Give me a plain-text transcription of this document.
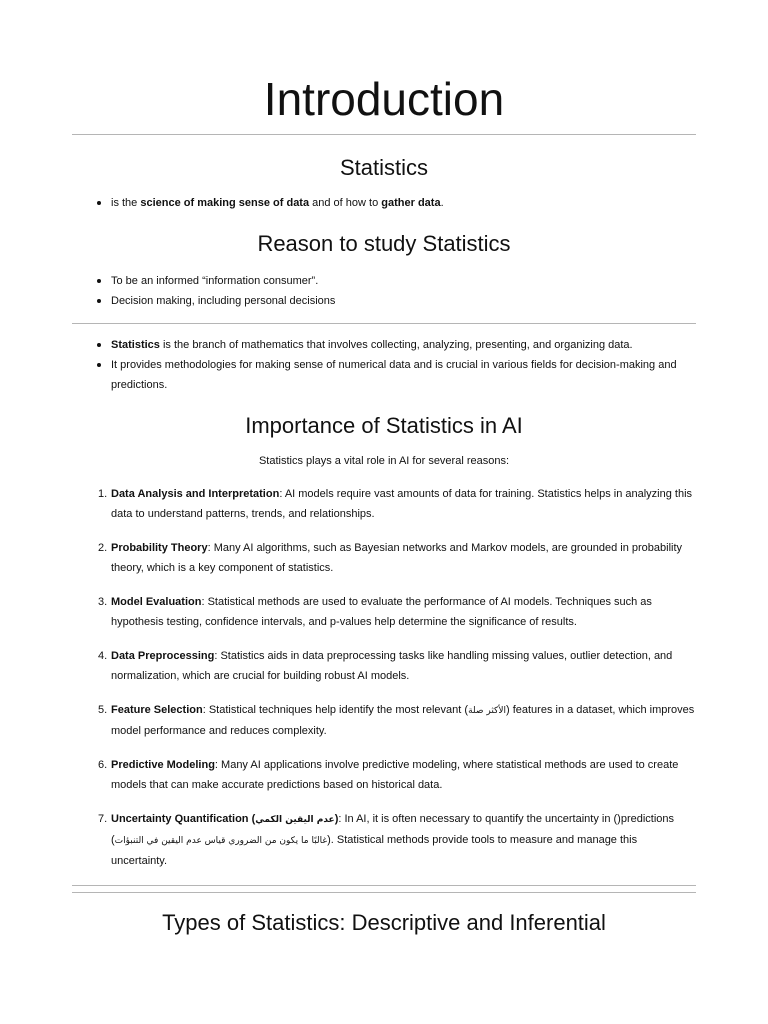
Introduction
Statistics
is the science of making sense of data and of how to gather data.
Reason to study Statistics
To be an informed “information consumer”.
Decision making, including personal decisions
Statistics is the branch of mathematics that involves collecting, analyzing, presenting, and organizing data.
It provides methodologies for making sense of numerical data and is crucial in various fields for decision-making and predictions.
Importance of Statistics in AI

Statistics plays a vital role in AI for several reasons:

1. Data Analysis and Interpretation: AI models require vast amounts of data for training. Statistics helps in analyzing this data to understand patterns, trends, and relationships.
2. Probability Theory: Many AI algorithms, such as Bayesian networks and Markov models, are grounded in probability theory, which is a key component of statistics.
3. Model Evaluation: Statistical methods are used to evaluate the performance of AI models. Techniques such as hypothesis testing, confidence intervals, and p-values help determine the significance of results.
4. Data Preprocessing: Statistics aids in data preprocessing tasks like handling missing values, outlier detection, and normalization, which are crucial for building robust AI models.
5. Feature Selection: Statistical techniques help identify the most relevant (الأكثر صلة) features in a dataset, which improves model performance and reduces complexity.
6. Predictive Modeling: Many AI applications involve predictive modeling, where statistical methods are used to create models that can make accurate predictions based on historical data.
7. Uncertainty Quantification (عدم اليقين الكمي): In AI, it is often necessary to quantify the uncertainty in ()predictions (غالبًا ما يكون من الضروري قياس عدم اليقين في التنبؤات). Statistical methods provide tools to measure and manage this uncertainty.
Types of Statistics: Descriptive and Inferential
